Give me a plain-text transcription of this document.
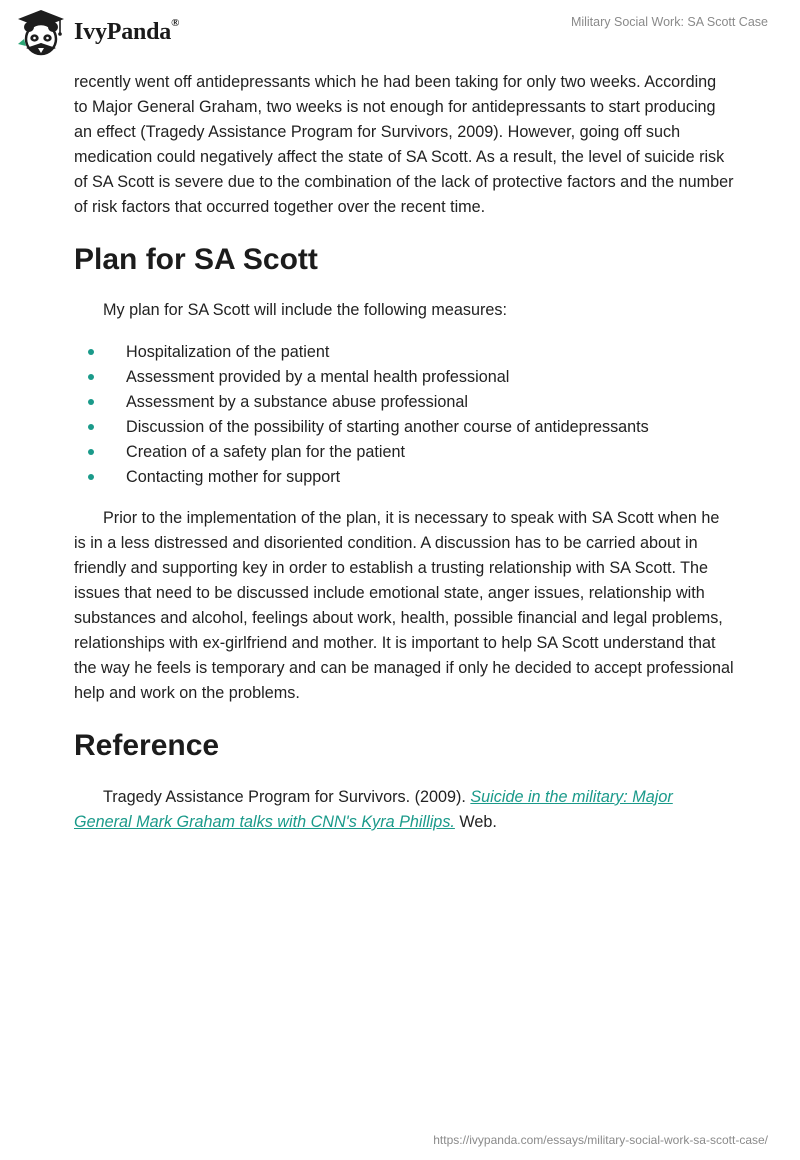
IvyPanda®	Military Social Work: SA Scott Case

recently went off antidepressants which he had been taking for only two weeks. According to Major General Graham, two weeks is not enough for antidepressants to start producing an effect (Tragedy Assistance Program for Survivors, 2009). However, going off such medication could negatively affect the state of SA Scott. As a result, the level of suicide risk of SA Scott is severe due to the combination of the lack of protective factors and the number of risk factors that occurred together over the recent time.

Plan for SA Scott

My plan for SA Scott will include the following measures:

Hospitalization of the patient
Assessment provided by a mental health professional
Assessment by a substance abuse professional
Discussion of the possibility of starting another course of antidepressants
Creation of a safety plan for the patient
Contacting mother for support

Prior to the implementation of the plan, it is necessary to speak with SA Scott when he is in a less distressed and disoriented condition. A discussion has to be carried about in friendly and supporting key in order to establish a trusting relationship with SA Scott. The issues that need to be discussed include emotional state, anger issues, relationship with substances and alcohol, feelings about work, health, possible financial and legal problems, relationships with ex-girlfriend and mother. It is important to help SA Scott understand that the way he feels is temporary and can be managed if only he decided to accept professional help and work on the problems.

Reference

Tragedy Assistance Program for Survivors. (2009). Suicide in the military: Major General Mark Graham talks with CNN's Kyra Phillips. Web.

https://ivypanda.com/essays/military-social-work-sa-scott-case/
